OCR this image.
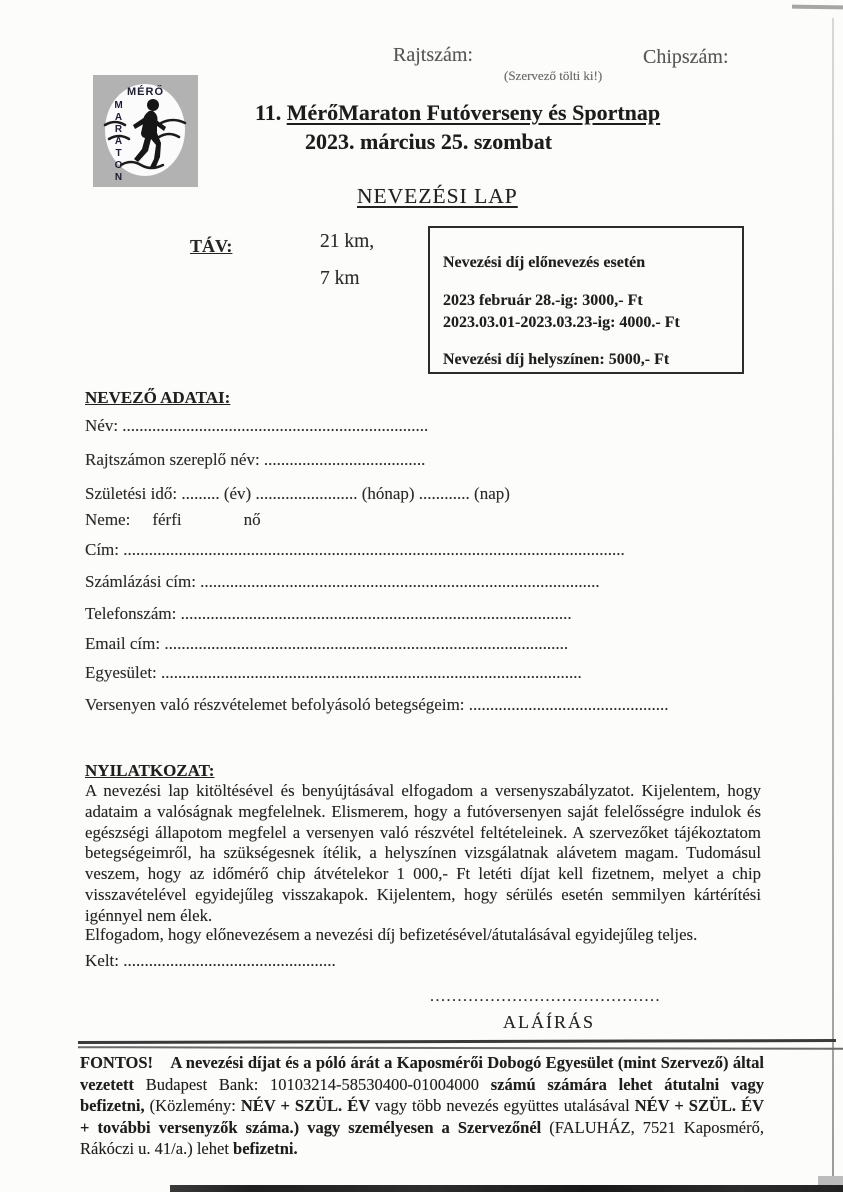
Rajtszám:
(Szervező tölti ki!)
Chipszám:
MÉRŐ
MARATON	11. MérőMaraton Futóverseny és Sportnap
2023. március 25. szombat
NEVEZÉSI LAP
TÁV:	21 km,
7 km
Nevezési díj előnevezés esetén
2023 február 28.-ig: 3000,- Ft
2023.03.01-2023.03.23-ig: 4000.- Ft
Nevezési díj helyszínen: 5000,- Ft
NEVEZŐ ADATAI:
Név: ........................................................................
Rajtszámon szereplő név: ......................................
Születési idő: ......... (év) ........................ (hónap) ............ (nap)
Neme: férfi	nő
Cím: ......................................................................................................................
Számlázási cím: ..............................................................................................
Telefonszám: ............................................................................................
Email cím: ...............................................................................................
Egyesület: ...................................................................................................
Versenyen való részvételemet befolyásoló betegségeim: ...............................................
NYILATKOZAT:
A nevezési lap kitöltésével és benyújtásával elfogadom a versenyszabályzatot. Kijelentem, hogy adataim a valóságnak megfelelnek. Elismerem, hogy a futóversenyen saját felelősségre indulok és egészségi állapotom megfelel a versenyen való részvétel feltételeinek. A szervezőket tájékoztatom betegségeimről, ha szükségesnek ítélik, a helyszínen vizsgálatnak alávetem magam. Tudomásul veszem, hogy az időmérő chip átvételekor 1 000,- Ft letéti díjat kell fizetnem, melyet a chip visszavételével egyidejűleg visszakapok. Kijelentem, hogy sérülés esetén semmilyen kártérítési igénnyel nem élek.
Elfogadom, hogy előnevezésem a nevezési díj befizetésével/átutalásával egyidejűleg teljes.
Kelt: ..................................................
..........................................
ALÁÍRÁS
FONTOS!    A nevezési díjat és a póló árát a Kaposmérői Dobogó Egyesület (mint Szervező) által vezetett Budapest Bank: 10103214-58530400-01004000 számú számára lehet átutalni vagy befizetni, (Közlemény: NÉV + SZÜL. ÉV vagy több nevezés együttes utalásával NÉV + SZÜL. ÉV + további versenyzők száma.) vagy személyesen a Szervezőnél (FALUHÁZ, 7521 Kaposmérő, Rákóczi u. 41/a.) lehet befizetni.
